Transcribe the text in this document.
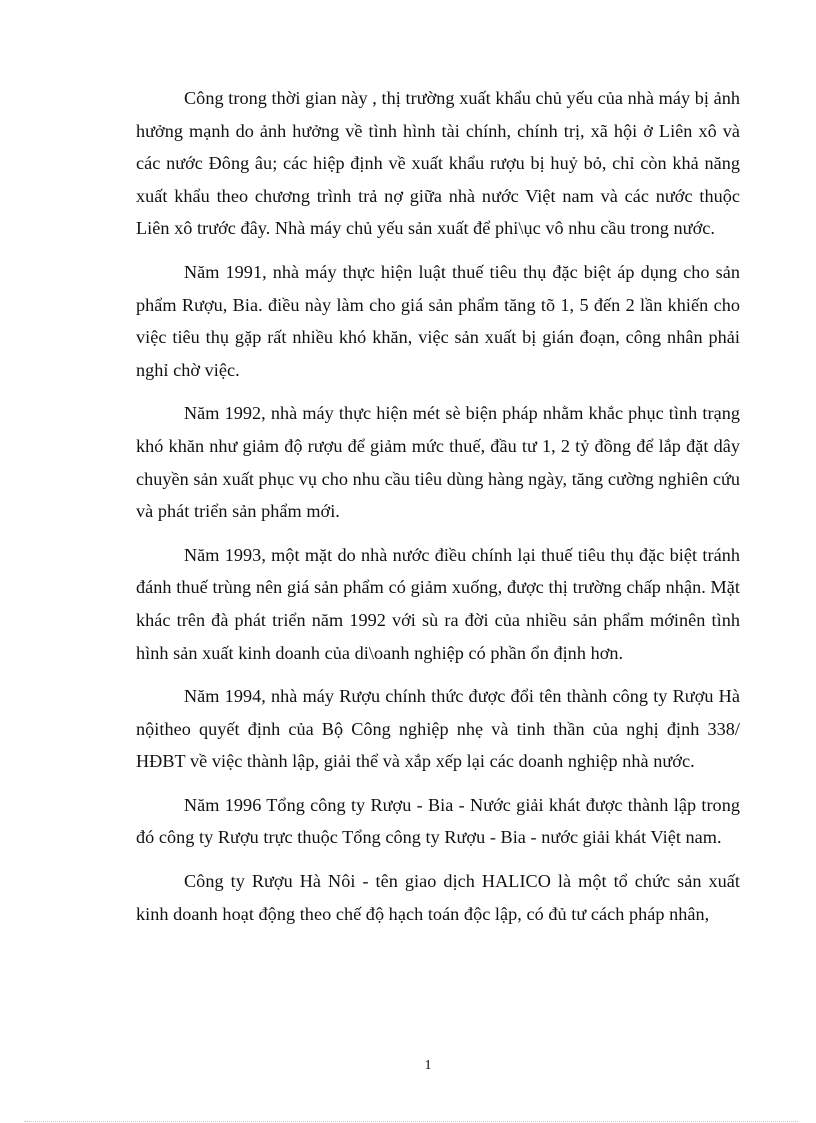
Công trong thời gian này , thị trường xuất khẩu chủ yếu của nhà máy bị ảnh hưởng mạnh do ảnh hưởng về tình hình tài chính, chính trị, xã hội ở Liên xô và các nước Đông âu; các hiệp định về xuất khẩu rượu bị huỷ bỏ, chỉ còn khả năng xuất khẩu theo chương trình trả nợ giữa nhà nước Việt nam và các nước thuộc Liên xô trước đây. Nhà máy chủ yếu sản xuất để phi\ục vô nhu cầu trong nước.

Năm 1991, nhà máy thực hiện luật thuế tiêu thụ đặc biệt áp dụng cho sản phẩm Rượu, Bia. điều này làm cho giá sản phẩm tăng tõ 1, 5 đến 2 lần khiến cho việc tiêu thụ gặp rất nhiều khó khăn, việc sản xuất bị gián đoạn, công nhân phải nghỉ chờ việc.

Năm 1992, nhà máy thực hiện mét sè biện pháp nhằm khắc phục tình trạng khó khăn như giảm độ rượu để giảm mức thuế, đầu tư 1, 2 tỷ đồng để lắp đặt dây chuyền sản xuất phục vụ cho nhu cầu tiêu dùng hàng ngày, tăng cường nghiên cứu và phát triển sản phẩm mới.

Năm 1993, một mặt do nhà nước điều chính lại thuế tiêu thụ đặc biệt tránh đánh thuế trùng nên giá sản phẩm có giảm xuống, được thị trường chấp nhận. Mặt khác trên đà phát triển năm 1992 với sù ra đời của nhiều sản phẩm mớinên tình hình sản xuất kinh doanh của di\oanh nghiệp có phần ổn định hơn.

Năm 1994, nhà máy Rượu chính thức được đổi tên thành công ty Rượu Hà nộitheo quyết định của Bộ Công nghiệp nhẹ và tinh thần của nghị định 338/ HĐBT về việc thành lập, giải thể và xắp xếp lại các doanh nghiệp nhà nước.

Năm 1996 Tổng công ty Rượu - Bia - Nước giải khát được thành lập trong đó công ty Rượu trực thuộc Tổng công ty Rượu - Bia - nước giải khát Việt nam.

Công ty Rượu Hà Nôi - tên giao dịch HALICO là một tổ chức sản xuất kinh doanh hoạt động theo chế độ hạch toán độc lập, có đủ tư cách pháp nhân,

1
